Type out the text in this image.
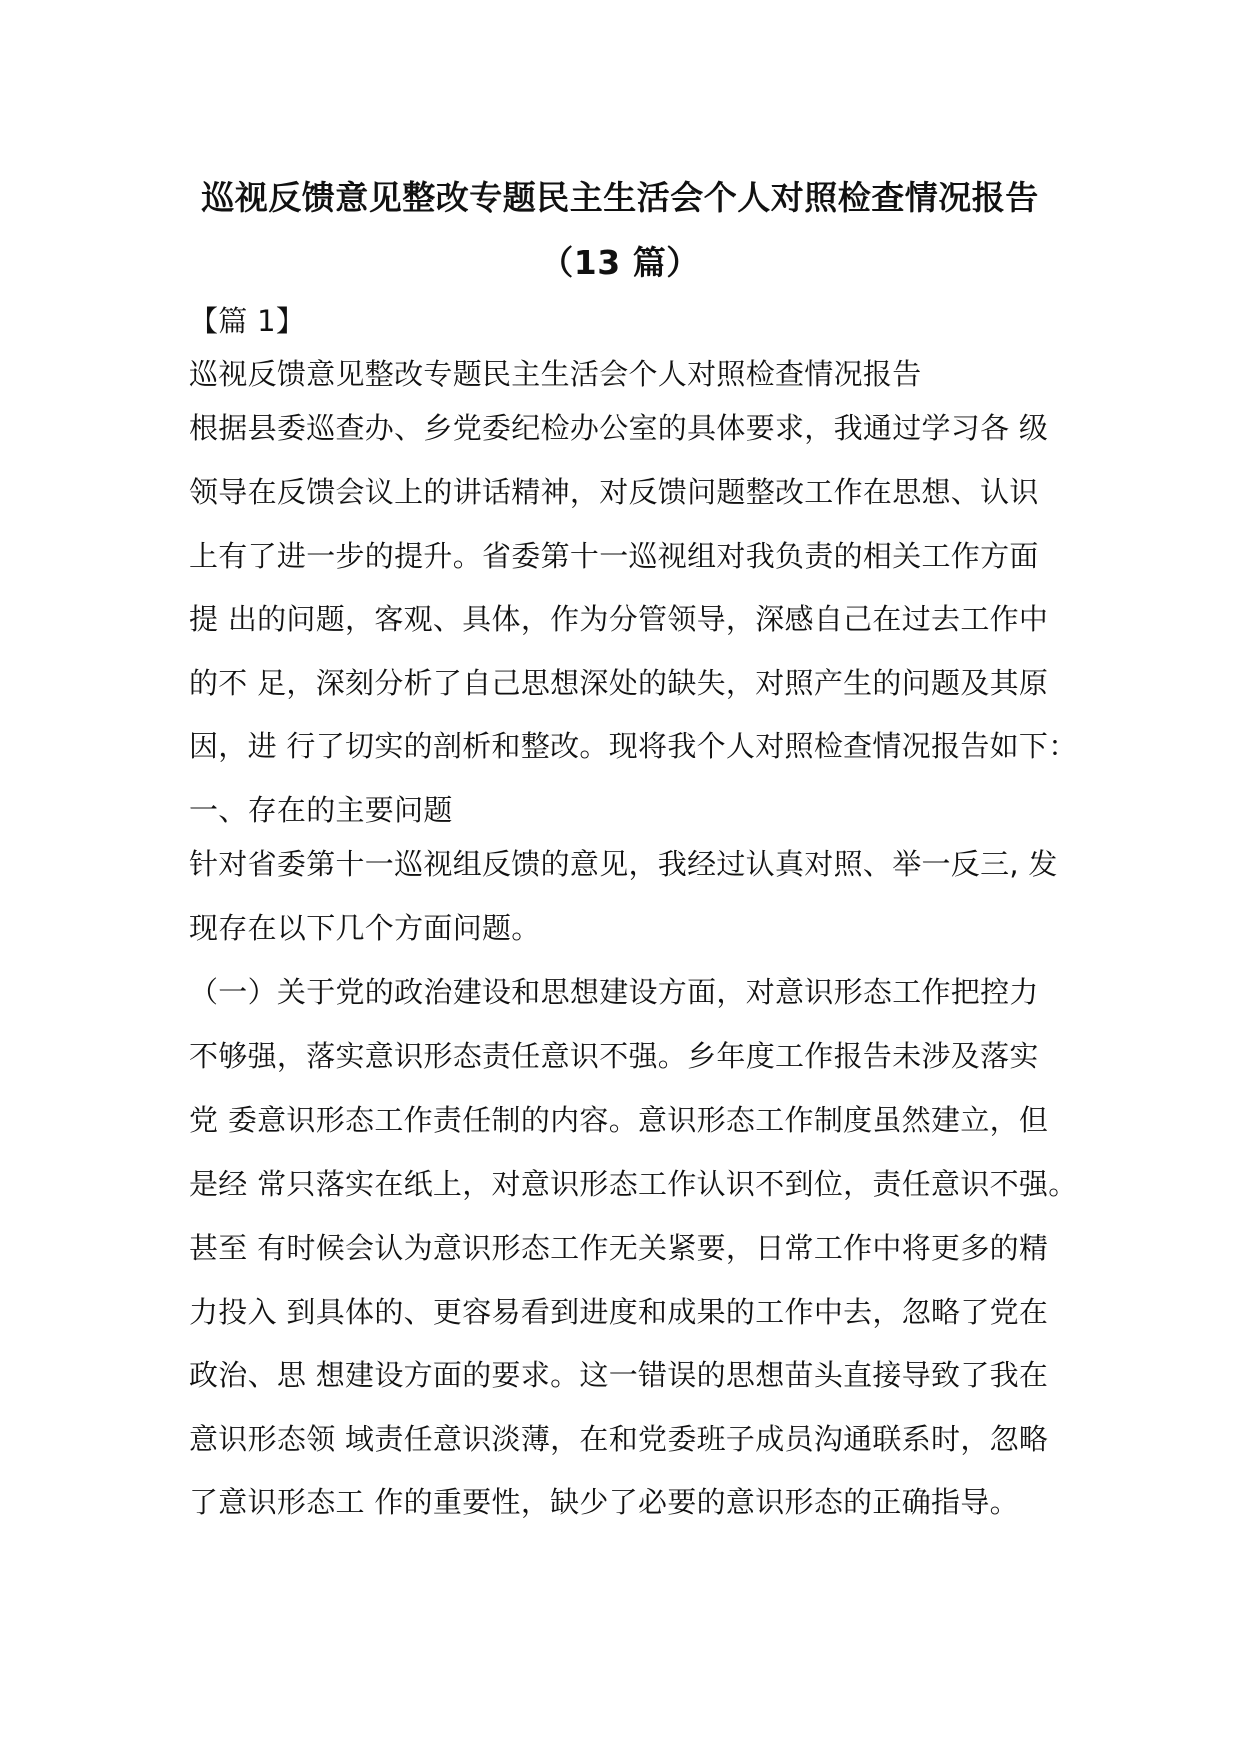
巡视反馈意见整改专题民主生活会个人对照检查情况报告
（13 篇）
【篇 1】
巡视反馈意见整改专题民主生活会个人对照检查情况报告
根据县委巡查办、乡党委纪检办公室的具体要求，我通过学习各 级
领导在反馈会议上的讲话精神，对反馈问题整改工作在思想、认识
上有了进一步的提升。省委第十一巡视组对我负责的相关工作方面
提 出的问题，客观、具体，作为分管领导，深感自己在过去工作中
的不 足，深刻分析了自己思想深处的缺失，对照产生的问题及其原
因，进 行了切实的剖析和整改。现将我个人对照检查情况报告如下：
一、存在的主要问题
针对省委第十一巡视组反馈的意见，我经过认真对照、举一反三, 发
现存在以下几个方面问题。
（一）关于党的政治建设和思想建设方面，对意识形态工作把控力
不够强，落实意识形态责任意识不强。乡年度工作报告未涉及落实
党 委意识形态工作责任制的内容。意识形态工作制度虽然建立，但
是经 常只落实在纸上，对意识形态工作认识不到位，责任意识不强。
甚至 有时候会认为意识形态工作无关紧要，日常工作中将更多的精
力投入 到具体的、更容易看到进度和成果的工作中去，忽略了党在
政治、思 想建设方面的要求。这一错误的思想苗头直接导致了我在
意识形态领 域责任意识淡薄，在和党委班子成员沟通联系时，忽略
了意识形态工 作的重要性，缺少了必要的意识形态的正确指导。
